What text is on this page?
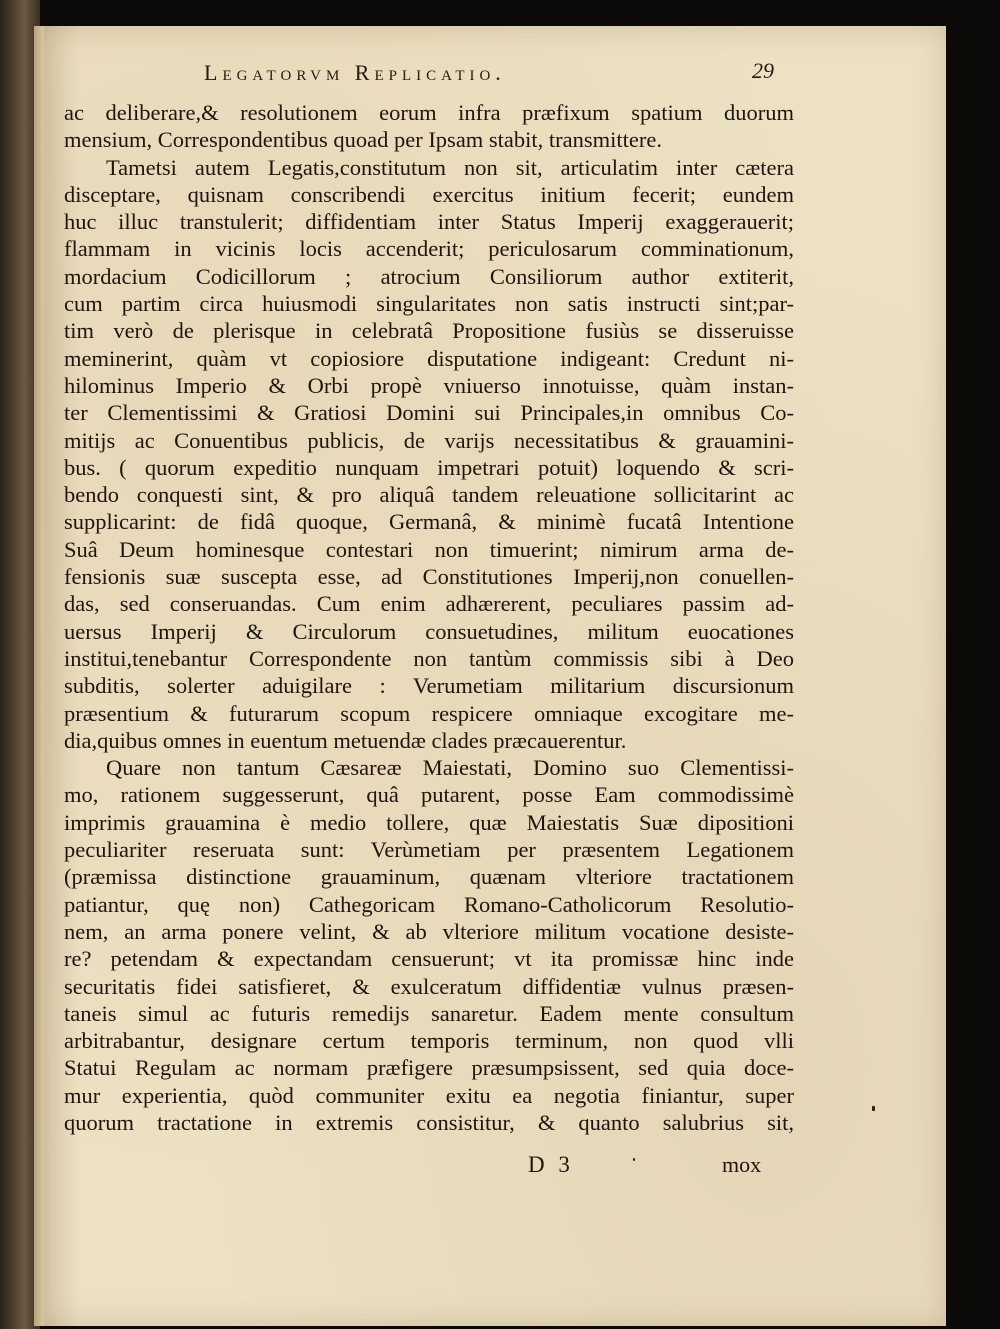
Legatorvm Replicatio.	29
ac deliberare,& resolutionem eorum infra præfixum spatium duorum
mensium, Correspondentibus quoad per Ipsam stabit, transmittere.
Tametsi autem Legatis,constitutum non sit, articulatim inter cætera
disceptare, quisnam conscribendi exercitus initium fecerit; eundem
huc illuc transtulerit; diffidentiam inter Status Imperij exaggerauerit;
flammam in vicinis locis accenderit; periculosarum comminationum,
mordacium Codicillorum ; atrocium Consiliorum author extiterit,
cum partim circa huiusmodi singularitates non satis instructi sint;par-
tim verò de plerisque in celebratâ Propositione fusiùs se disseruisse
meminerint, quàm vt copiosiore disputatione indigeant: Credunt ni-
hilominus Imperio & Orbi propè vniuerso innotuisse, quàm instan-
ter Clementissimi & Gratiosi Domini sui Principales,in omnibus Co-
mitijs ac Conuentibus publicis, de varijs necessitatibus & grauamini-
bus. ( quorum expeditio nunquam impetrari potuit) loquendo & scri-
bendo conquesti sint, & pro aliquâ tandem releuatione sollicitarint ac
supplicarint: de fidâ quoque, Germanâ, & minimè fucatâ Intentione
Suâ Deum hominesque contestari non timuerint; nimirum arma de-
fensionis suæ suscepta esse, ad Constitutiones Imperij,non conuellen-
das, sed conseruandas. Cum enim adhærerent, peculiares passim ad-
uersus Imperij & Circulorum consuetudines, militum euocationes
institui,tenebantur Correspondente non tantùm commissis sibi à Deo
subditis, solerter aduigilare : Verumetiam militarium discursionum
præsentium & futurarum scopum respicere omniaque excogitare me-
dia,quibus omnes in euentum metuendæ clades præcauerentur.
Quare non tantum Cæsareæ Maiestati, Domino suo Clementissi-
mo, rationem suggesserunt, quâ putarent, posse Eam commodissimè
imprimis grauamina è medio tollere, quæ Maiestatis Suæ dipositioni
peculiariter reseruata sunt: Verùmetiam per præsentem Legationem
(præmissa distinctione grauaminum, quænam vlteriore tractationem
patiantur, quę non) Cathegoricam Romano-Catholicorum Resolutio-
nem, an arma ponere velint, & ab vlteriore militum vocatione desiste-
re? petendam & expectandam censuerunt; vt ita promissæ hinc inde
securitatis fidei satisfieret, & exulceratum diffidentiæ vulnus præsen-
taneis simul ac futuris remedijs sanaretur. Eadem mente consultum
arbitrabantur, designare certum temporis terminum, non quod vlli
Statui Regulam ac normam præfigere præsumpsissent, sed quia doce-
mur experientia, quòd communiter exitu ea negotia finiantur, super
quorum tractatione in extremis consistitur, & quanto salubrius sit,
D 3	mox
